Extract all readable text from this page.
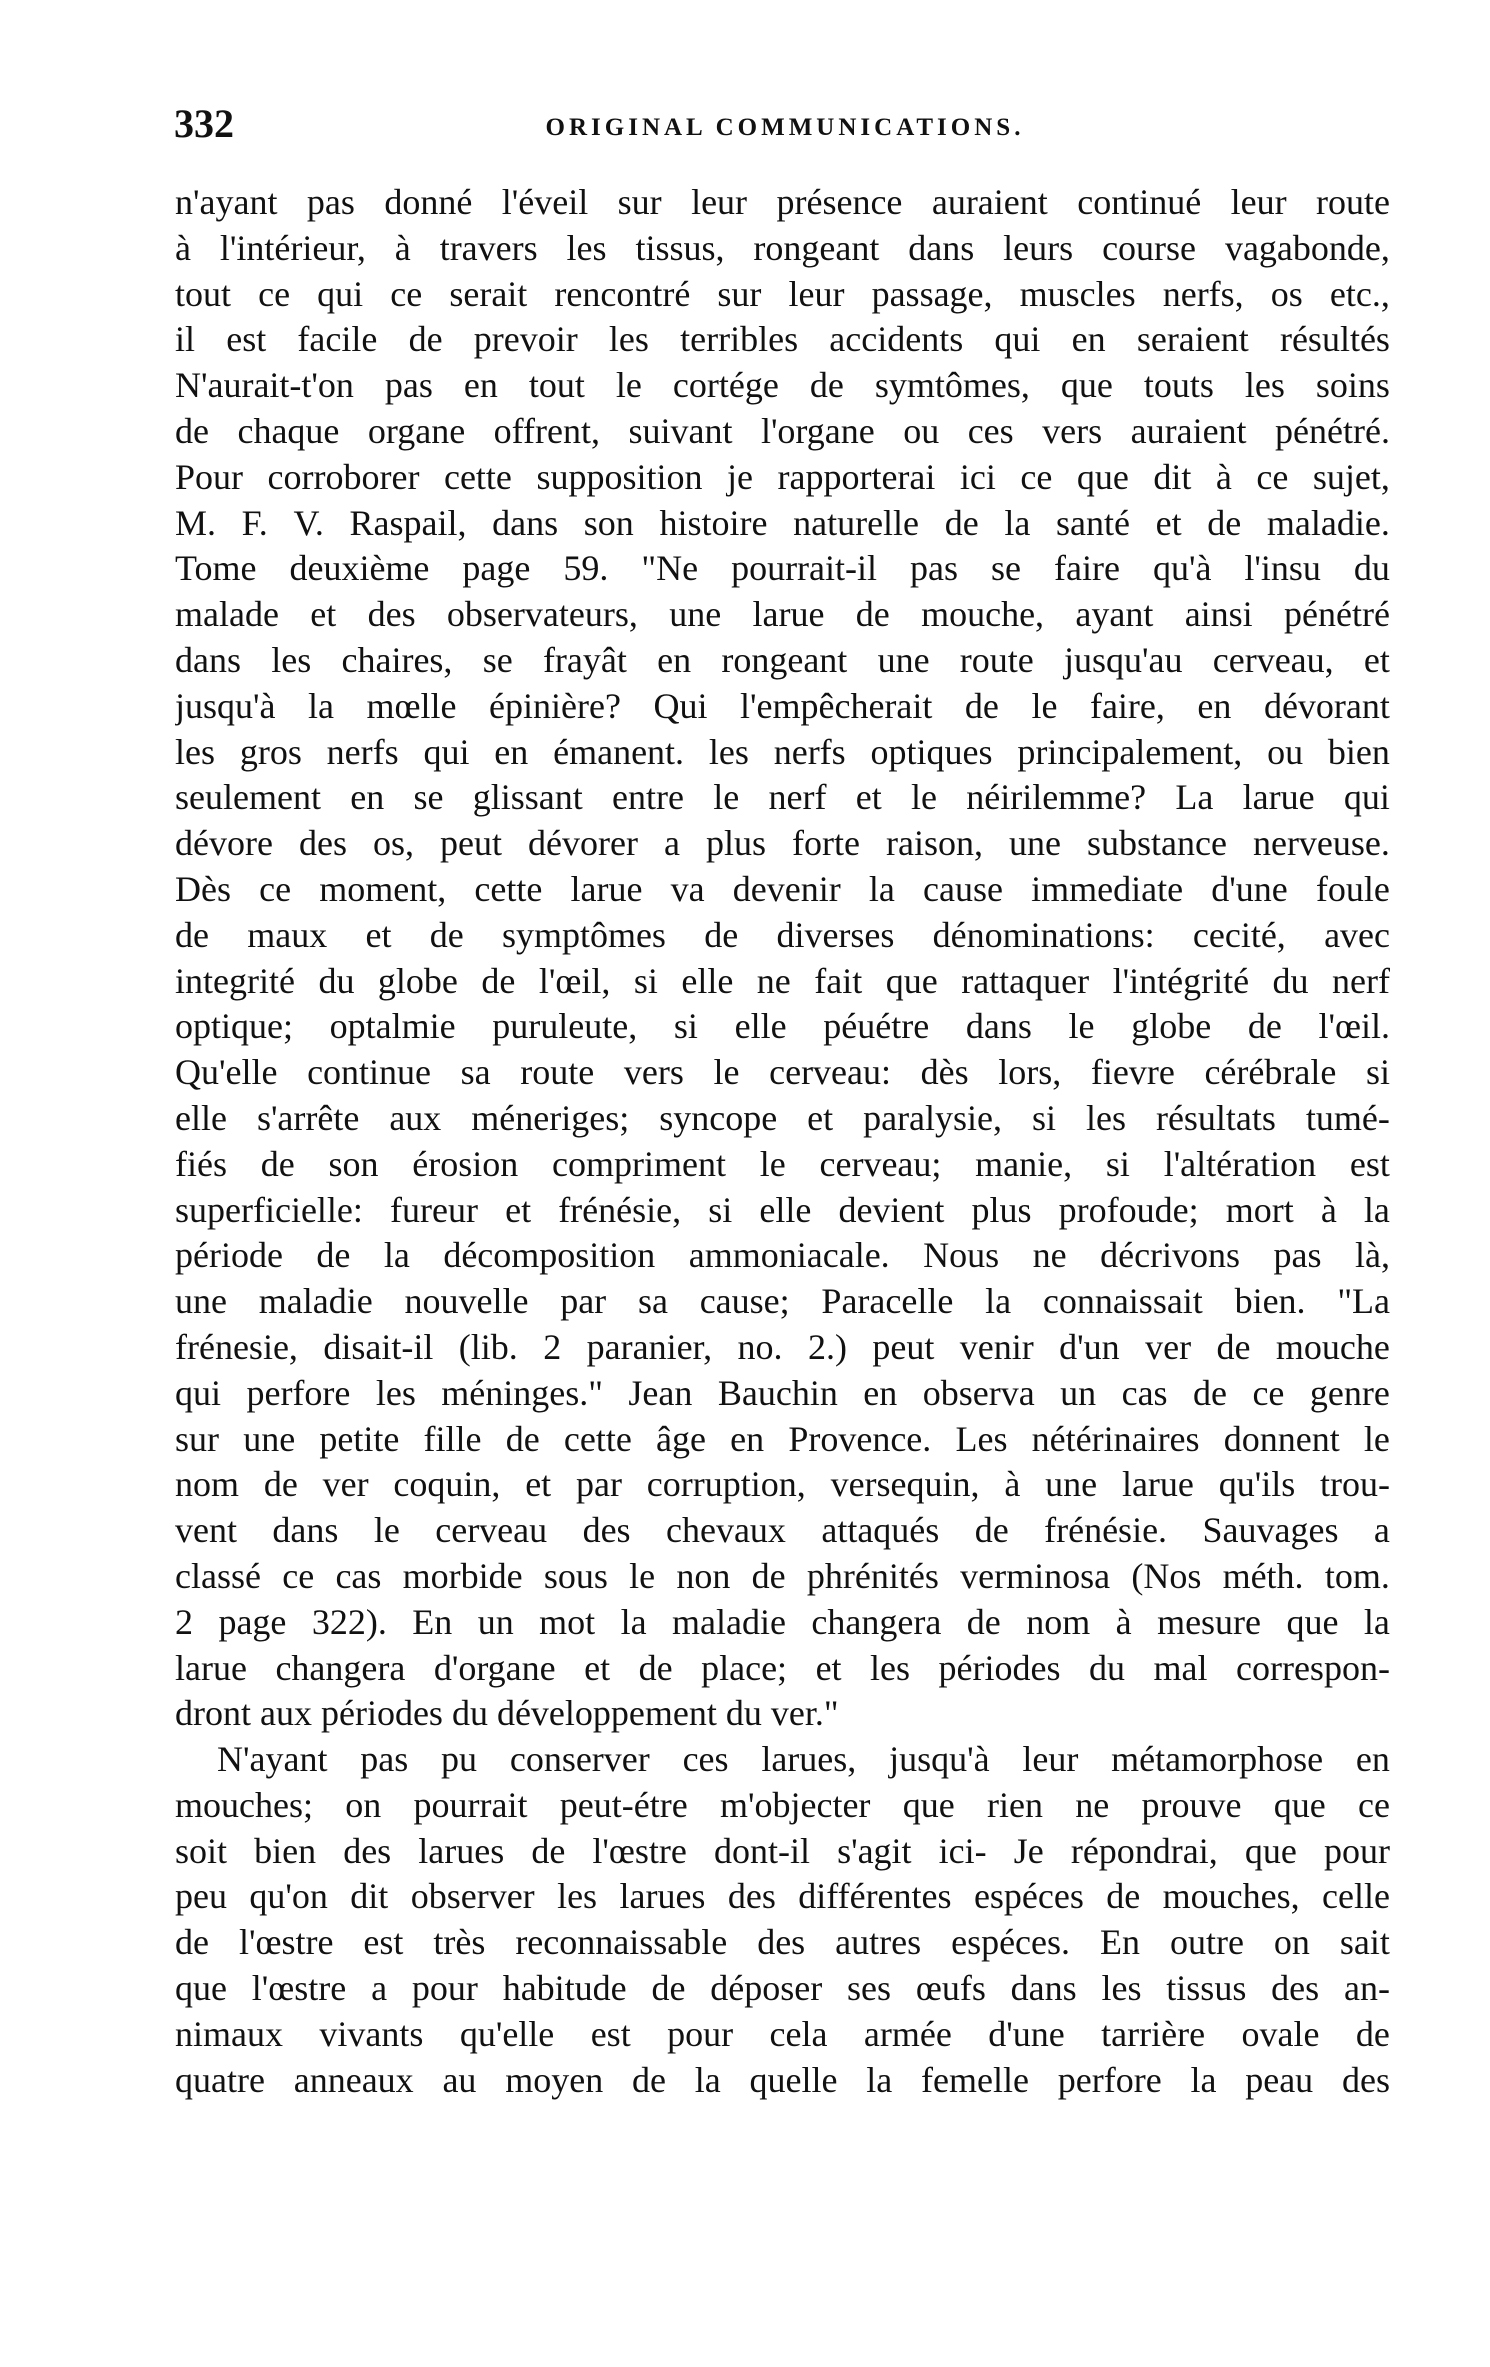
332	ORIGINAL COMMUNICATIONS.
n'ayant pas donné l'éveil sur leur présence auraient continué leur route
à l'intérieur, à travers les tissus, rongeant dans leurs course vagabonde,
tout ce qui ce serait rencontré sur leur passage, muscles nerfs, os etc.,
il est facile de prevoir les terribles accidents qui en seraient résultés
N'aurait-t'on pas en tout le cortége de symtômes, que touts les soins
de chaque organe offrent, suivant l'organe ou ces vers auraient pénétré.
Pour corroborer cette supposition je rapporterai ici ce que dit à ce sujet,
M. F. V. Raspail, dans son histoire naturelle de la santé et de maladie.
Tome deuxième page 59. "Ne pourrait-il pas se faire qu'à l'insu du
malade et des observateurs, une larue de mouche, ayant ainsi pénétré
dans les chaires, se frayât en rongeant une route jusqu'au cerveau, et
jusqu'à la mœlle épinière? Qui l'empêcherait de le faire, en dévorant
les gros nerfs qui en émanent. les nerfs optiques principalement, ou bien
seulement en se glissant entre le nerf et le néirilemme? La larue qui
dévore des os, peut dévorer a plus forte raison, une substance nerveuse.
Dès ce moment, cette larue va devenir la cause immediate d'une foule
de maux et de symptômes de diverses dénominations: cecité, avec
integrité du globe de l'œil, si elle ne fait que rattaquer l'intégrité du nerf
optique; optalmie puruleute, si elle péuétre dans le globe de l'œil.
Qu'elle continue sa route vers le cerveau: dès lors, fievre cérébrale si
elle s'arrête aux méneriges; syncope et paralysie, si les résultats tumé-
fiés de son érosion compriment le cerveau; manie, si l'altération est
superficielle: fureur et frénésie, si elle devient plus profoude; mort à la
période de la décomposition ammoniacale. Nous ne décrivons pas là,
une maladie nouvelle par sa cause; Paracelle la connaissait bien. "La
frénesie, disait-il (lib. 2 paranier, no. 2.) peut venir d'un ver de mouche
qui perfore les méninges." Jean Bauchin en observa un cas de ce genre
sur une petite fille de cette âge en Provence. Les nétérinaires donnent le
nom de ver coquin, et par corruption, versequin, à une larue qu'ils trou-
vent dans le cerveau des chevaux attaqués de frénésie. Sauvages a
classé ce cas morbide sous le non de phrénités verminosa (Nos méth. tom.
2 page 322). En un mot la maladie changera de nom à mesure que la
larue changera d'organe et de place; et les périodes du mal correspon-
dront
aux
périodes
du
développement
du
ver."
N'ayant pas pu conserver ces larues, jusqu'à leur métamorphose en
mouches; on pourrait peut-étre m'objecter que rien ne prouve que ce
soit bien des larues de l'œstre dont-il s'agit ici- Je répondrai, que pour
peu qu'on dit observer les larues des différentes espéces de mouches, celle
de l'œstre est très reconnaissable des autres espéces. En outre on sait
que l'œstre a pour habitude de déposer ses œufs dans les tissus des an-
nimaux vivants qu'elle est pour cela armée d'une tarrière ovale de
quatre anneaux au moyen de la quelle la femelle perfore la peau des
